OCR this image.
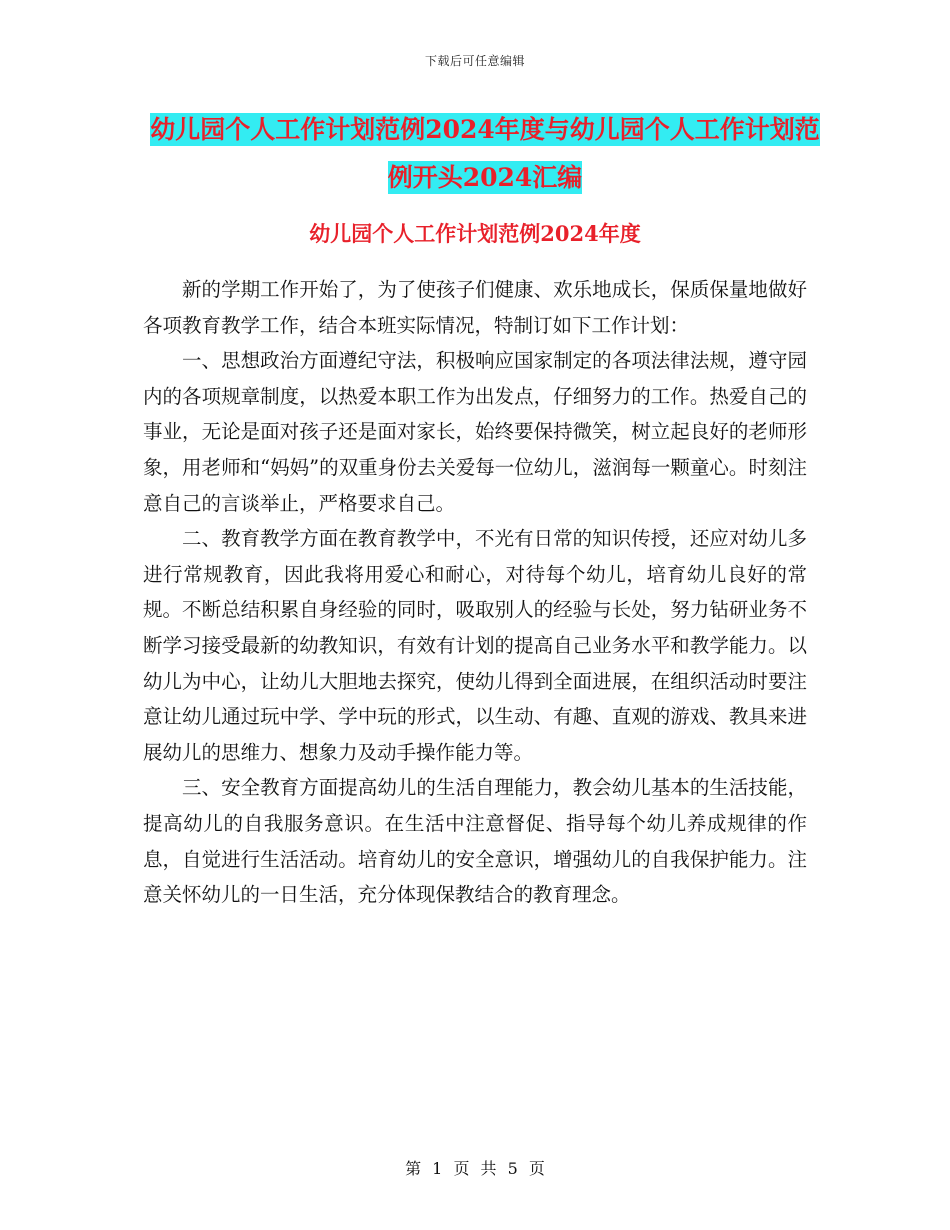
下载后可任意编辑
幼儿园个人工作计划范例2024年度与幼儿园个人工作计划范例开头2024汇编
幼儿园个人工作计划范例2024年度

新的学期工作开始了，为了使孩子们健康、欢乐地成长，保质保量地做好各项教育教学工作，结合本班实际情况，特制订如下工作计划：

一、思想政治方面遵纪守法，积极响应国家制定的各项法律法规，遵守园内的各项规章制度，以热爱本职工作为出发点，仔细努力的工作。热爱自己的事业，无论是面对孩子还是面对家长，始终要保持微笑，树立起良好的老师形象，用老师和“妈妈”的双重身份去关爱每一位幼儿，滋润每一颗童心。时刻注意自己的言谈举止，严格要求自己。

二、教育教学方面在教育教学中，不光有日常的知识传授，还应对幼儿多进行常规教育，因此我将用爱心和耐心，对待每个幼儿，培育幼儿良好的常规。不断总结积累自身经验的同时，吸取别人的经验与长处，努力钻研业务不断学习接受最新的幼教知识，有效有计划的提高自己业务水平和教学能力。以幼儿为中心，让幼儿大胆地去探究，使幼儿得到全面进展，在组织活动时要注意让幼儿通过玩中学、学中玩的形式，以生动、有趣、直观的游戏、教具来进展幼儿的思维力、想象力及动手操作能力等。

三、安全教育方面提高幼儿的生活自理能力，教会幼儿基本的生活技能，提高幼儿的自我服务意识。在生活中注意督促、指导每个幼儿养成规律的作息，自觉进行生活活动。培育幼儿的安全意识，增强幼儿的自我保护能力。注意关怀幼儿的一日生活，充分体现保教结合的教育理念。

第 1 页 共 5 页
